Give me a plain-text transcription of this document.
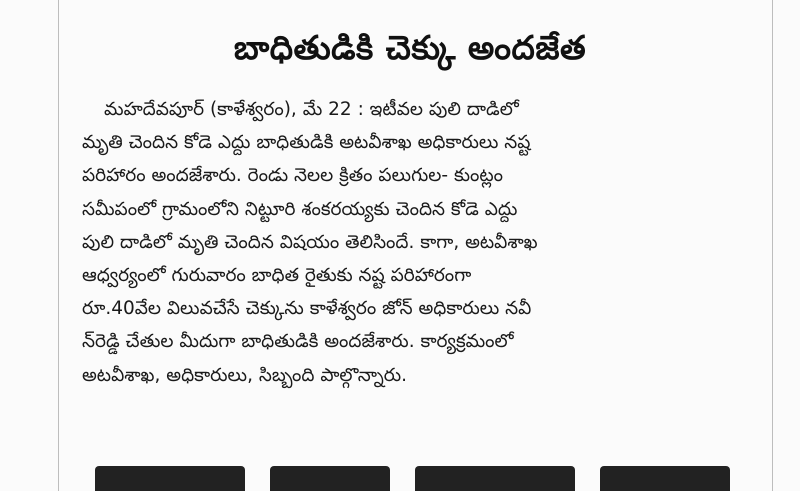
బాధితుడికి చెక్కు అందజేత
మహదేవపూర్ (కాళేశ్వరం), మే 22 : ఇటీవల పులి దాడిలో
మృతి చెందిన కోడె ఎద్దు బాధితుడికి అటవీశాఖ అధికారులు నష్ట
పరిహారం అందజేశారు. రెండు నెలల క్రితం పలుగుల- కుంట్లం
సమీపంలో గ్రామంలోని నిట్టూరి శంకరయ్యకు చెందిన కోడె ఎద్దు
పులి దాడిలో మృతి చెందిన విషయం తెలిసిందే. కాగా, అటవీశాఖ
ఆధ్వర్యంలో గురువారం బాధిత రైతుకు నష్ట పరిహారంగా
రూ.40వేల విలువచేసే చెక్కును కాళేశ్వరం జోన్ అధికారులు నవీ
న్‌రెడ్డి చేతుల మీదుగా బాధితుడికి అందజేశారు. కార్యక్రమంలో
అటవీశాఖ, అధికారులు, సిబ్బంది పాల్గొన్నారు.
